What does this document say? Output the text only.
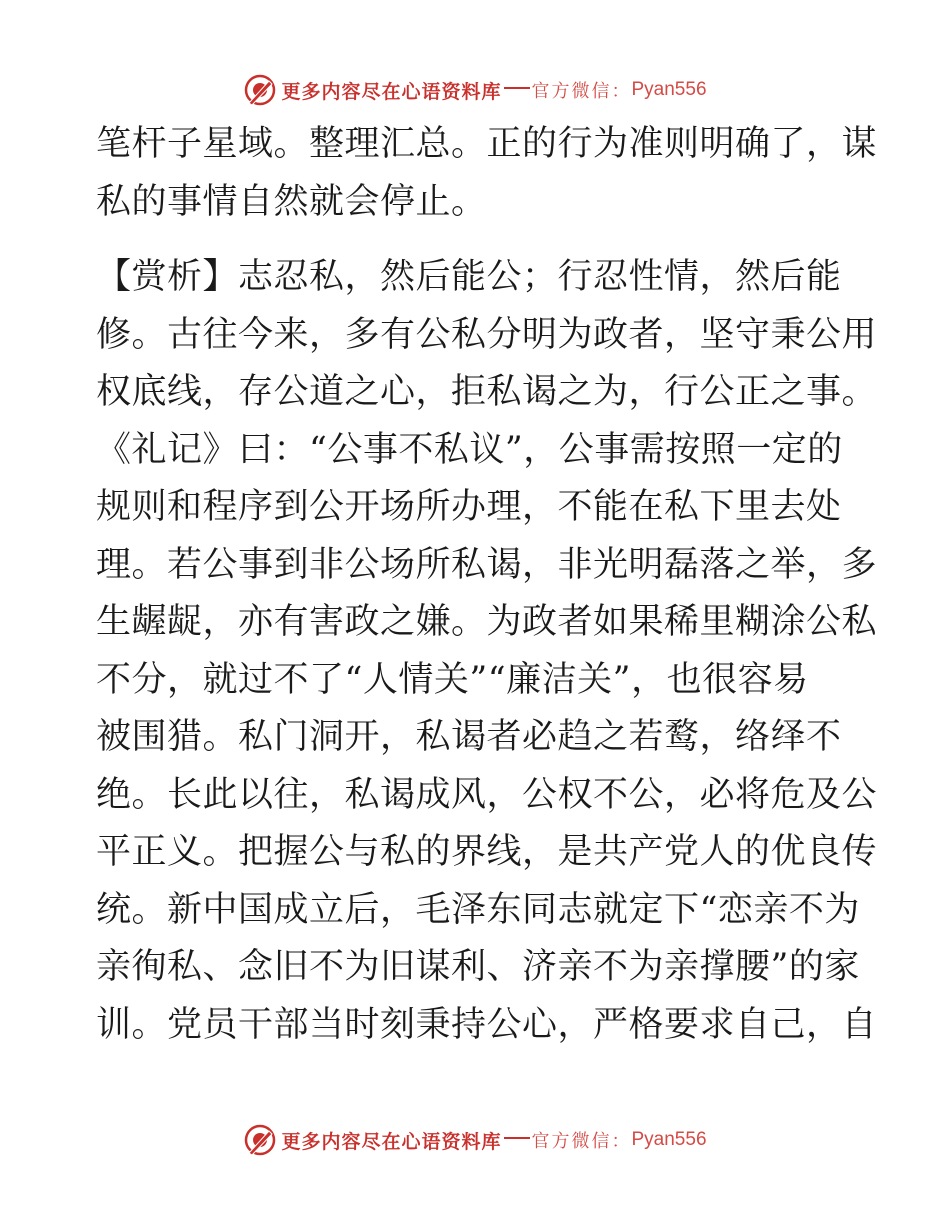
更多内容尽在心语资料库 官方微信： Pyan556
笔杆子星域。整理汇总。正的行为准则明确了，谋
私的事情自然就会停止。
【赏析】志忍私，然后能公；行忍性情，然后能
修。古往今来，多有公私分明为政者，坚守秉公用
权底线，存公道之心，拒私谒之为，行公正之事。
《礼记》曰：“公事不私议”，公事需按照一定的
规则和程序到公开场所办理，不能在私下里去处
理。若公事到非公场所私谒，非光明磊落之举，多
生龌龊，亦有害政之嫌。为政者如果稀里糊涂公私
不分，就过不了“人情关”“廉洁关”，也很容易
被围猎。私门洞开，私谒者必趋之若鹜，络绎不
绝。长此以往，私谒成风，公权不公，必将危及公
平正义。把握公与私的界线，是共产党人的优良传
统。新中国成立后，毛泽东同志就定下“恋亲不为
亲徇私、念旧不为旧谋利、济亲不为亲撑腰”的家
训。党员干部当时刻秉持公心，严格要求自己，自
更多内容尽在心语资料库 官方微信： Pyan556
